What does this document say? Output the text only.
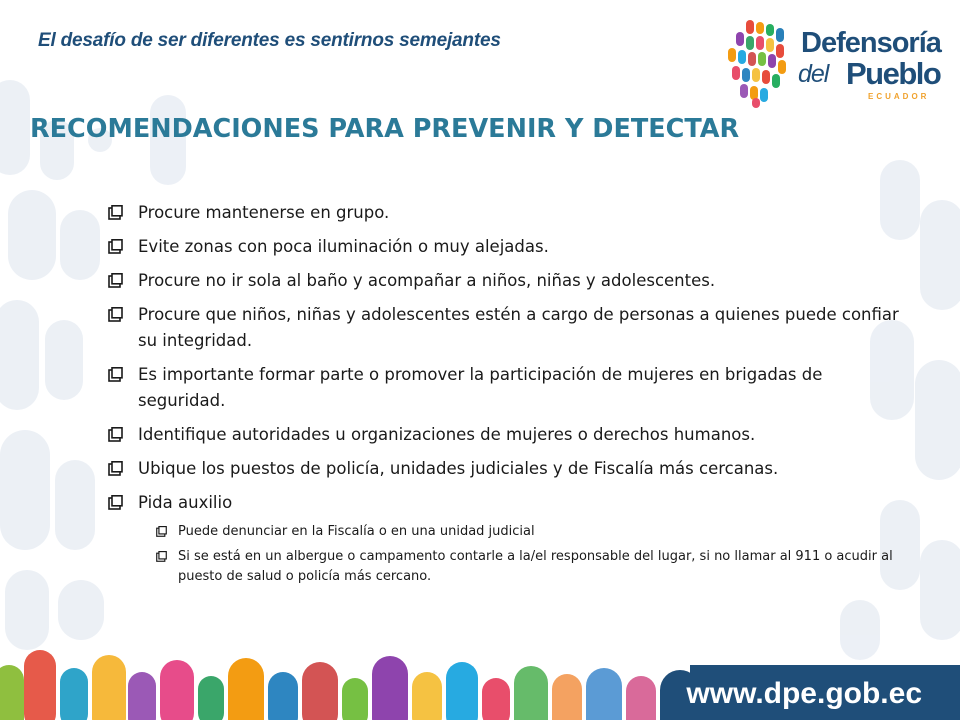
El desafío de ser diferentes es sentirnos semejantes	Defensoría
del Pueblo
ECUADOR
RECOMENDACIONES PARA PREVENIR Y DETECTAR
Procure mantenerse en grupo.
Evite zonas con poca iluminación o muy alejadas.
Procure no ir sola al baño y acompañar a niños, niñas y adolescentes.
Procure que niños, niñas y adolescentes estén a cargo de personas a quienes puede confiar su integridad.
Es importante formar parte o promover la participación de mujeres en brigadas de seguridad.
Identifique autoridades u organizaciones de mujeres o derechos humanos.
Ubique los puestos de policía, unidades judiciales y de Fiscalía más cercanas.
Pida auxilio
Puede denunciar en la Fiscalía o en una unidad judicial
Si se está en un albergue o campamento contarle a la/el responsable del lugar, si no llamar al 911 o acudir al puesto de salud o policía más cercano.
www.dpe.gob.ec
